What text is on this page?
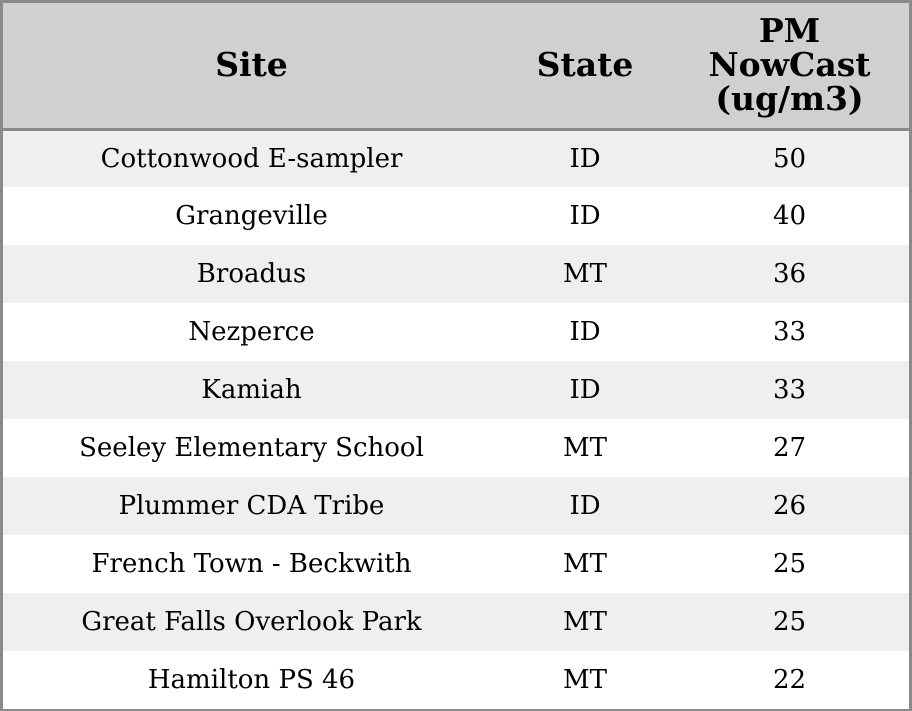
Site	State	PM
NowCast
(ug/m3)

Cottonwood E-sampler	ID	50
Grangeville	ID	40
Broadus	MT	36
Nezperce	ID	33
Kamiah	ID	33
Seeley Elementary School	MT	27
Plummer CDA Tribe	ID	26
French Town - Beckwith	MT	25
Great Falls Overlook Park	MT	25
Hamilton PS 46	MT	22
